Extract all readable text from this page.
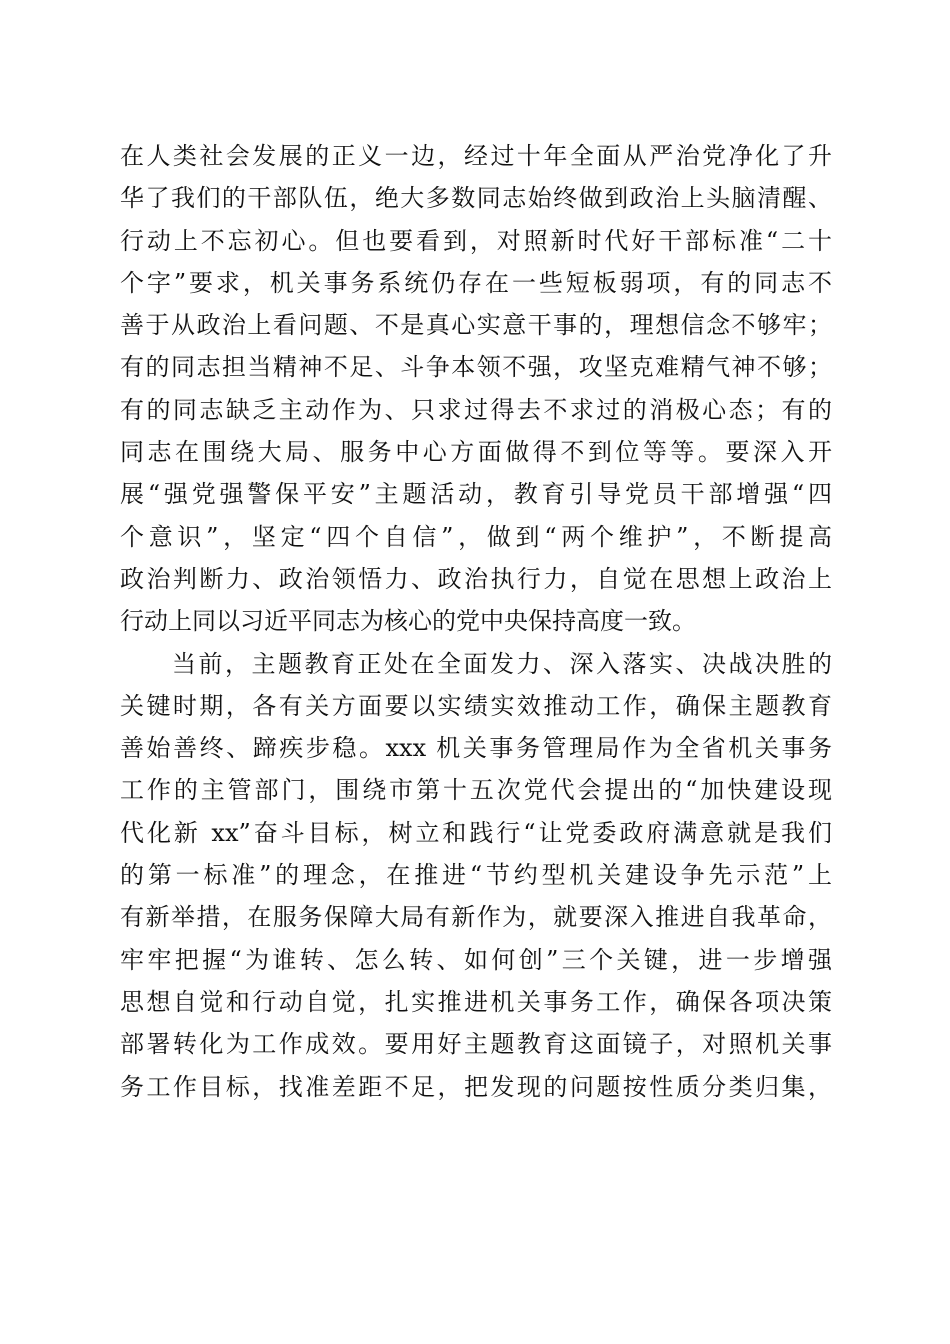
在人类社会发展的正义一边，经过十年全面从严治党净化了升
华了我们的干部队伍，绝大多数同志始终做到政治上头脑清醒、
行动上不忘初心。但也要看到，对照新时代好干部标准“二十
个字”要求，机关事务系统仍存在一些短板弱项，有的同志不
善于从政治上看问题、不是真心实意干事的，理想信念不够牢；
有的同志担当精神不足、斗争本领不强，攻坚克难精气神不够；
有的同志缺乏主动作为、只求过得去不求过的消极心态；有的
同志在围绕大局、服务中心方面做得不到位等等。要深入开
展“强党强警保平安”主题活动，教育引导党员干部增强“四
个意识”，坚定“四个自信”，做到“两个维护”，不断提高
政治判断力、政治领悟力、政治执行力，自觉在思想上政治上
行动上同以习近平同志为核心的党中央保持高度一致。
当前，主题教育正处在全面发力、深入落实、决战决胜的
关键时期，各有关方面要以实绩实效推动工作，确保主题教育
善始善终、蹄疾步稳。xxx 机关事务管理局作为全省机关事务
工作的主管部门，围绕市第十五次党代会提出的“加快建设现
代化新 xx”奋斗目标，树立和践行“让党委政府满意就是我们
的第一标准”的理念，在推进“节约型机关建设争先示范”上
有新举措，在服务保障大局有新作为，就要深入推进自我革命，
牢牢把握“为谁转、怎么转、如何创”三个关键，进一步增强
思想自觉和行动自觉，扎实推进机关事务工作，确保各项决策
部署转化为工作成效。要用好主题教育这面镜子，对照机关事
务工作目标，找准差距不足，把发现的问题按性质分类归集，
